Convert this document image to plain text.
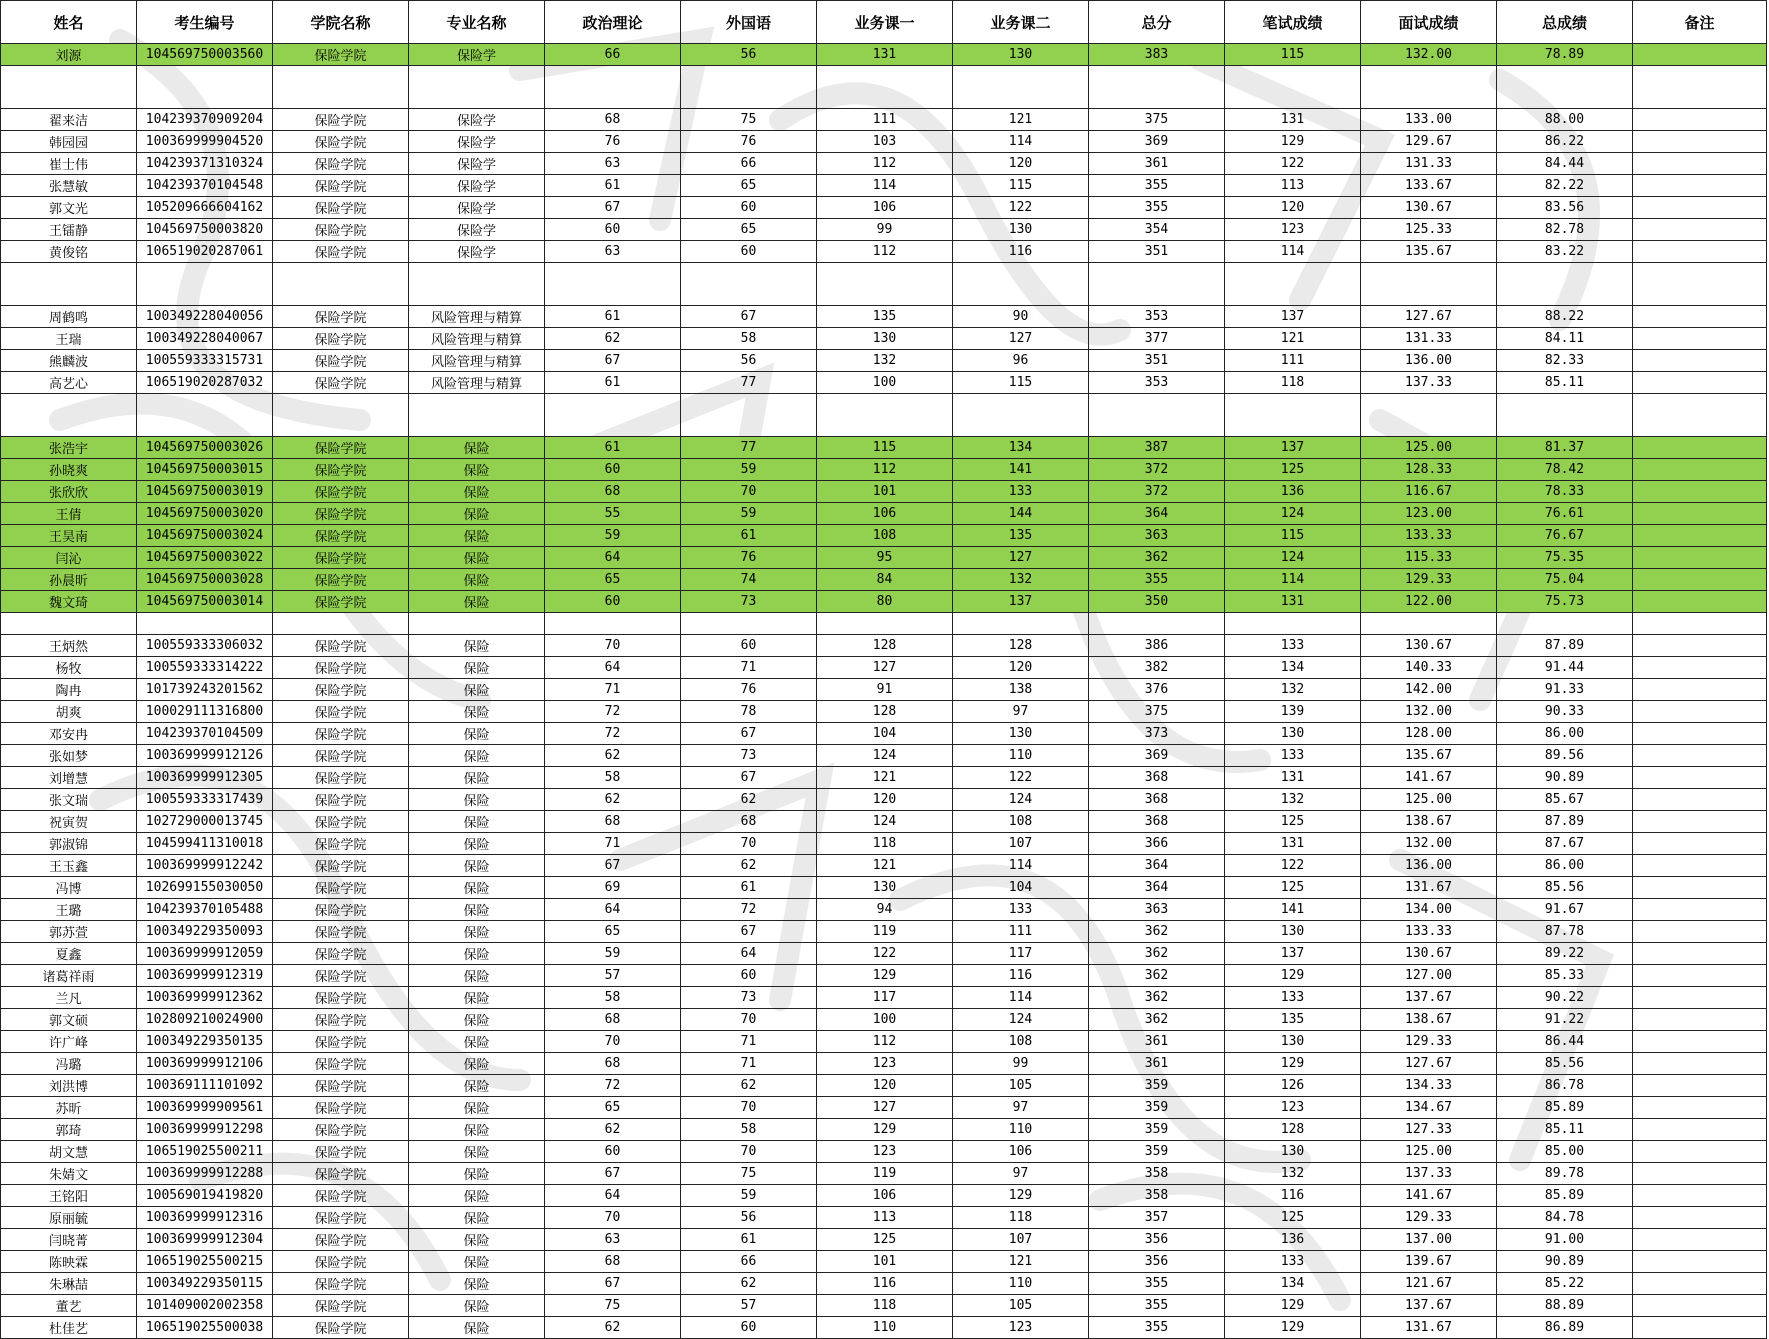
姓名	考生编号	学院名称	专业名称	政治理论	外国语	业务课一	业务课二	总分	笔试成绩	面试成绩	总成绩	备注
刘源	104569750003560	保险学院	保险学	66	56	131	130	383	115	132.00	78.89	

翟来洁	104239370909204	保险学院	保险学	68	75	111	121	375	131	133.00	88.00	
韩园园	100369999904520	保险学院	保险学	76	76	103	114	369	129	129.67	86.22	
崔士伟	104239371310324	保险学院	保险学	63	66	112	120	361	122	131.33	84.44	
张慧敏	104239370104548	保险学院	保险学	61	65	114	115	355	113	133.67	82.22	
郭文光	105209666604162	保险学院	保险学	67	60	106	122	355	120	130.67	83.56	
王镭静	104569750003820	保险学院	保险学	60	65	99	130	354	123	125.33	82.78	
黄俊铭	106519020287061	保险学院	保险学	63	60	112	116	351	114	135.67	83.22	

周鹤鸣	100349228040056	保险学院	风险管理与精算	61	67	135	90	353	137	127.67	88.22	
王瑞	100349228040067	保险学院	风险管理与精算	62	58	130	127	377	121	131.33	84.11	
熊麟波	100559333315731	保险学院	风险管理与精算	67	56	132	96	351	111	136.00	82.33	
高艺心	106519020287032	保险学院	风险管理与精算	61	77	100	115	353	118	137.33	85.11	

张浩宇	104569750003026	保险学院	保险	61	77	115	134	387	137	125.00	81.37	
孙晓爽	104569750003015	保险学院	保险	60	59	112	141	372	125	128.33	78.42	
张欣欣	104569750003019	保险学院	保险	68	70	101	133	372	136	116.67	78.33	
王倩	104569750003020	保险学院	保险	55	59	106	144	364	124	123.00	76.61	
王昊南	104569750003024	保险学院	保险	59	61	108	135	363	115	133.33	76.67	
闫沁	104569750003022	保险学院	保险	64	76	95	127	362	124	115.33	75.35	
孙晨昕	104569750003028	保险学院	保险	65	74	84	132	355	114	129.33	75.04	
魏文琦	104569750003014	保险学院	保险	60	73	80	137	350	131	122.00	75.73	

王炳然	100559333306032	保险学院	保险	70	60	128	128	386	133	130.67	87.89	
杨牧	100559333314222	保险学院	保险	64	71	127	120	382	134	140.33	91.44	
陶冉	101739243201562	保险学院	保险	71	76	91	138	376	132	142.00	91.33	
胡爽	100029111316800	保险学院	保险	72	78	128	97	375	139	132.00	90.33	
邓安冉	104239370104509	保险学院	保险	72	67	104	130	373	130	128.00	86.00	
张如梦	100369999912126	保险学院	保险	62	73	124	110	369	133	135.67	89.56	
刘增慧	100369999912305	保险学院	保险	58	67	121	122	368	131	141.67	90.89	
张文瑞	100559333317439	保险学院	保险	62	62	120	124	368	132	125.00	85.67	
祝寅贺	102729000013745	保险学院	保险	68	68	124	108	368	125	138.67	87.89	
郭淑锦	104599411310018	保险学院	保险	71	70	118	107	366	131	132.00	87.67	
王玉鑫	100369999912242	保险学院	保险	67	62	121	114	364	122	136.00	86.00	
冯博	102699155030050	保险学院	保险	69	61	130	104	364	125	131.67	85.56	
王璐	104239370105488	保险学院	保险	64	72	94	133	363	141	134.00	91.67	
郭苏萱	100349229350093	保险学院	保险	65	67	119	111	362	130	133.33	87.78	
夏鑫	100369999912059	保险学院	保险	59	64	122	117	362	137	130.67	89.22	
诸葛祥雨	100369999912319	保险学院	保险	57	60	129	116	362	129	127.00	85.33	
兰凡	100369999912362	保险学院	保险	58	73	117	114	362	133	137.67	90.22	
郭文硕	102809210024900	保险学院	保险	68	70	100	124	362	135	138.67	91.22	
许广峰	100349229350135	保险学院	保险	70	71	112	108	361	130	129.33	86.44	
冯璐	100369999912106	保险学院	保险	68	71	123	99	361	129	127.67	85.56	
刘洪博	100369111101092	保险学院	保险	72	62	120	105	359	126	134.33	86.78	
苏昕	100369999909561	保险学院	保险	65	70	127	97	359	123	134.67	85.89	
郭琦	100369999912298	保险学院	保险	62	58	129	110	359	128	127.33	85.11	
胡文慧	106519025500211	保险学院	保险	60	70	123	106	359	130	125.00	85.00	
朱婧文	100369999912288	保险学院	保险	67	75	119	97	358	132	137.33	89.78	
王铭阳	100569019419820	保险学院	保险	64	59	106	129	358	116	141.67	85.89	
原丽毓	100369999912316	保险学院	保险	70	56	113	118	357	125	129.33	84.78	
闫晓菁	100369999912304	保险学院	保险	63	61	125	107	356	136	137.00	91.00	
陈映霖	106519025500215	保险学院	保险	68	66	101	121	356	133	139.67	90.89	
朱琳喆	100349229350115	保险学院	保险	67	62	116	110	355	134	121.67	85.22	
董艺	101409002002358	保险学院	保险	75	57	118	105	355	129	137.67	88.89	
杜佳艺	106519025500038	保险学院	保险	62	60	110	123	355	129	131.67	86.89	
